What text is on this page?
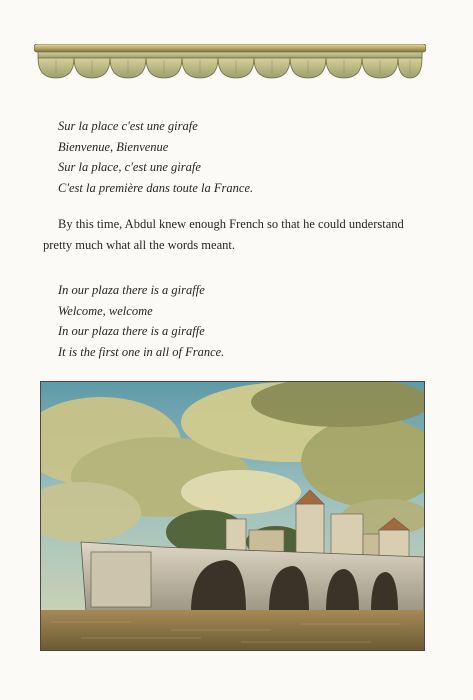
Sur la place c'est une girafe

Bienvenue, Bienvenue

Sur la place, c'est une girafe

C'est la première dans toute la France.

By this time, Abdul knew enough French so that he could understand pretty much what all the words meant.

In our plaza there is a giraffe

Welcome, welcome

In our plaza there is a giraffe

It is the first one in all of France.
